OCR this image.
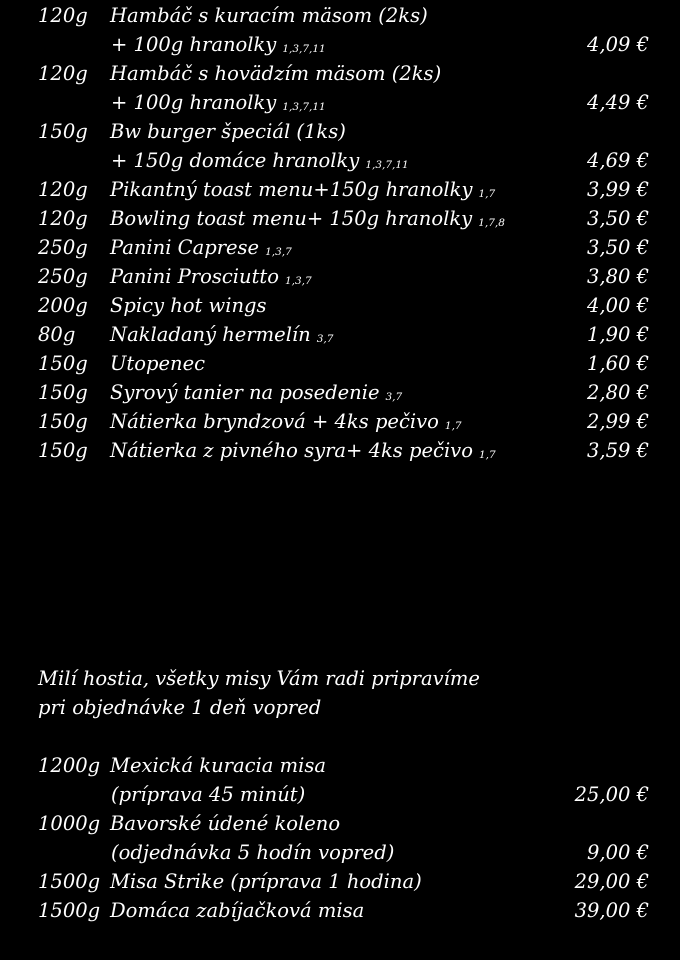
120g Hambáč s kuracím mäsom (2ks)
+ 100g hranolky 1,3,7,11	4,09 €
120g Hambáč s hovädzím mäsom (2ks)
+ 100g hranolky 1,3,7,11	4,49 €
150g Bw burger špeciál (1ks)
+ 150g domáce hranolky 1,3,7,11	4,69 €
120g Pikantný toast menu+150g hranolky 1,7	3,99 €
120g Bowling toast menu+ 150g hranolky 1,7,8	3,50 €
250g Panini Caprese 1,3,7	3,50 €
250g Panini Prosciutto 1,3,7	3,80 €
200g Spicy hot wings	4,00 €
80g Nakladaný hermelín 3,7	1,90 €
150g Utopenec	1,60 €
150g Syrový tanier na posedenie 3,7	2,80 €
150g Nátierka bryndzová + 4ks pečivo 1,7	2,99 €
150g Nátierka z pivného syra+ 4ks pečivo 1,7	3,59 €
Milí hostia, všetky misy Vám radi pripravíme
pri objednávke 1 deň vopred
1200g Mexická kuracia misa
(príprava 45 minút)	25,00 €
1000g Bavorské údené koleno
(odjednávka 5 hodín vopred)	9,00 €
1500g Misa Strike (príprava 1 hodina)	29,00 €
1500g Domáca zabíjačková misa	39,00 €
